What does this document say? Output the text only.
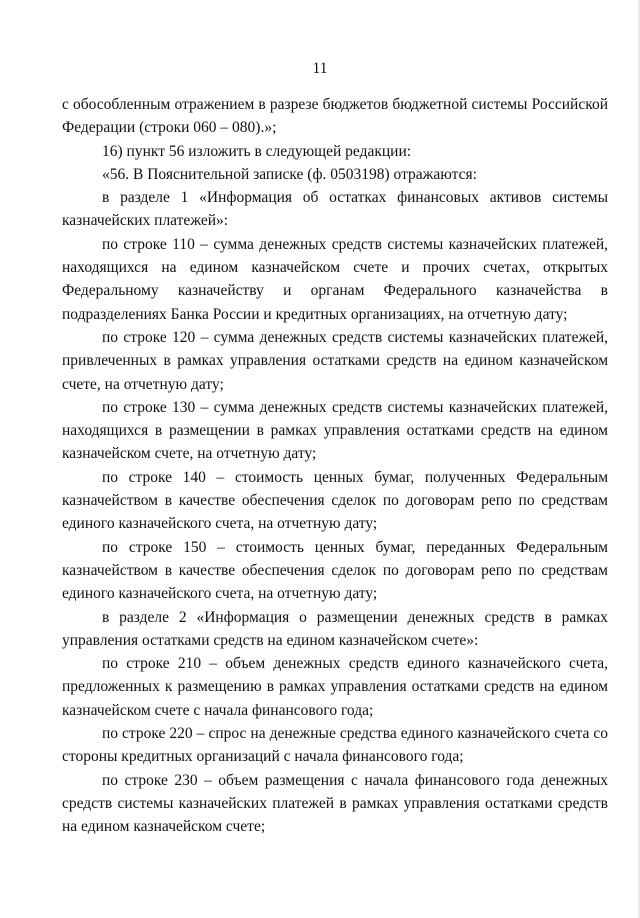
11

с обособленным отражением в разрезе бюджетов бюджетной системы Российской Федерации (строки 060 – 080).»;

16) пункт 56 изложить в следующей редакции:

«56. В Пояснительной записке (ф. 0503198) отражаются:

в разделе 1 «Информация об остатках финансовых активов системы казначейских платежей»:

по строке 110 – сумма денежных средств системы казначейских платежей, находящихся на едином казначейском счете и прочих счетах, открытых Федеральному казначейству и органам Федерального казначейства в подразделениях Банка России и кредитных организациях, на отчетную дату;

по строке 120 – сумма денежных средств системы казначейских платежей, привлеченных в рамках управления остатками средств на едином казначейском счете, на отчетную дату;

по строке 130 – сумма денежных средств системы казначейских платежей, находящихся в размещении в рамках управления остатками средств на едином казначейском счете, на отчетную дату;

по строке 140 – стоимость ценных бумаг, полученных Федеральным казначейством в качестве обеспечения сделок по договорам репо по средствам единого казначейского счета, на отчетную дату;

по строке 150 – стоимость ценных бумаг, переданных Федеральным казначейством в качестве обеспечения сделок по договорам репо по средствам единого казначейского счета, на отчетную дату;

в разделе 2 «Информация о размещении денежных средств в рамках управления остатками средств на едином казначейском счете»:

по строке 210 – объем денежных средств единого казначейского счета, предложенных к размещению в рамках управления остатками средств на едином казначейском счете с начала финансового года;

по строке 220 – спрос на денежные средства единого казначейского счета со стороны кредитных организаций с начала финансового года;

по строке 230 – объем размещения с начала финансового года денежных средств системы казначейских платежей в рамках управления остатками средств на едином казначейском счете;
